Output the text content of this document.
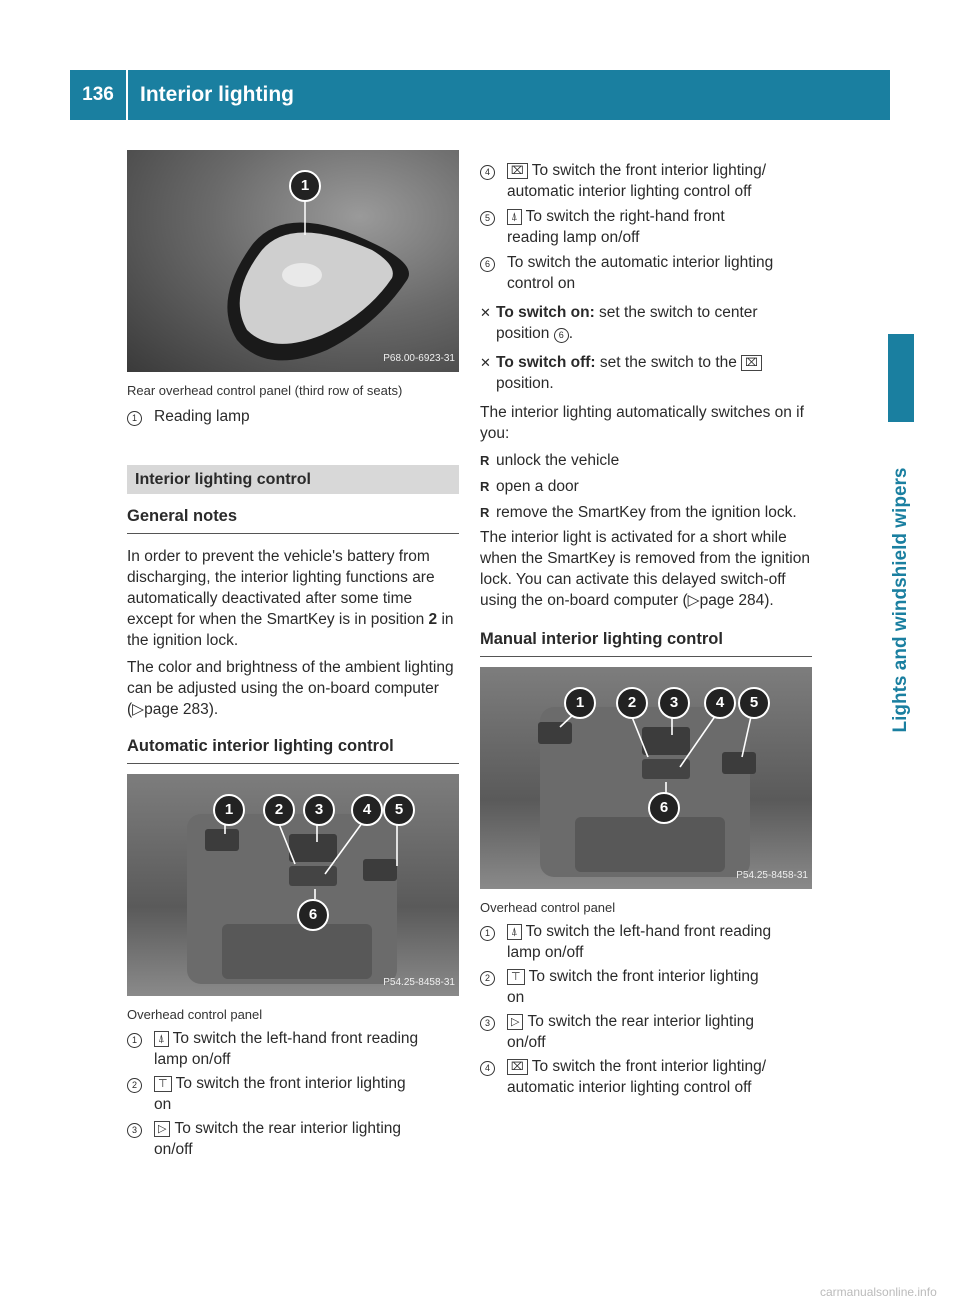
136	Interior lighting
Lights and windshield wipers
1
P68.00-6923-31

Rear overhead control panel (third row of seats)

1	Reading lamp
Interior lighting control
General notes

In order to prevent the vehicle's battery from discharging, the interior lighting functions are automatically deactivated after some time except for when the SmartKey is in position 2 in the ignition lock.

The color and brightness of the ambient lighting can be adjusted using the on-board computer (▷page 283).

Automatic interior lighting control
1	2	3	4	5
6
P54.25-8458-31

Overhead control panel

1	⍋ To switch the left-hand front reading
lamp on/off
2	⊤ To switch the front interior lighting
on
3	▷ To switch the rear interior lighting
on/off
4	⌧ To switch the front interior lighting/
automatic interior lighting control off
5	⍋ To switch the right-hand front
reading lamp on/off
6	To switch the automatic interior lighting
control on
✕ To switch on: set the switch to center
position 6 .
✕ To switch off: set the switch to the ⌧
position.

The interior lighting automatically switches on if you:

R unlock the vehicle
R open a door
R remove the SmartKey from the ignition lock.

The interior light is activated for a short while when the SmartKey is removed from the ignition lock. You can activate this delayed switch-off using the on-board computer (▷page 284).

Manual interior lighting control
1	2	3	4	5
6
P54.25-8458-31

Overhead control panel

1	⍋ To switch the left-hand front reading
lamp on/off
2	⊤ To switch the front interior lighting
on
3	▷ To switch the rear interior lighting
on/off
4	⌧ To switch the front interior lighting/
automatic interior lighting control off
carmanualsonline.info
